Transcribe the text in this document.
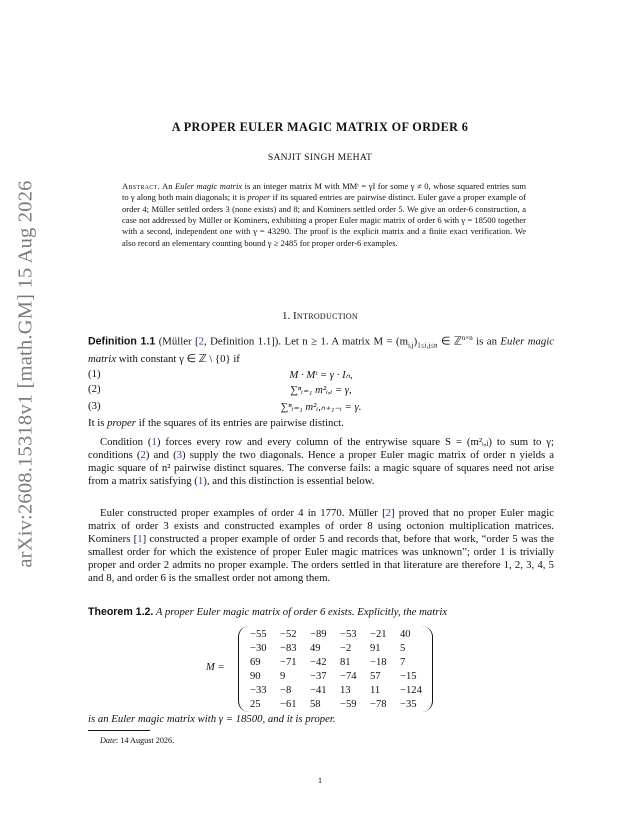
arXiv:2608.15318v1 [math.GM] 15 Aug 2026
A PROPER EULER MAGIC MATRIX OF ORDER 6
SANJIT SINGH MEHAT
Abstract. An Euler magic matrix is an integer matrix M with MMᵗ = γI for some γ ≠ 0, whose squared entries sum to γ along both main diagonals; it is proper if its squared entries are pairwise distinct. Euler gave a proper example of order 4; Müller settled orders 3 (none exists) and 8; and Kominers settled order 5. We give an order-6 construction, a case not addressed by Müller or Kominers, exhibiting a proper Euler magic matrix of order 6 with γ = 18500 together with a second, independent one with γ = 43290. The proof is the explicit matrix and a finite exact verification. We also record an elementary counting bound γ ≥ 2485 for proper order-6 examples.
1. Introduction
Definition 1.1 (Müller [2, Definition 1.1]). Let n ≥ 1. A matrix $M = (m_{i,j})_{1\le i,j\le n}$ ∈ ℤ$^{n\times n}$ is an Euler magic matrix with constant γ ∈ ℤ \ {0} if
(1)	M · Mᵗ = γ · Iₙ,
(2)	∑ⁿᵢ₌₁ m²ᵢ,ᵢ = γ,
(3)	∑ⁿᵢ₌₁ m²ᵢ,ₙ₊₁₋ᵢ = γ.
It is proper if the squares of its entries are pairwise distinct.
Condition (1) forces every row and every column of the entrywise square S = (m²ᵢ,ⱼ) to sum to γ; conditions (2) and (3) supply the two diagonals. Hence a proper Euler magic matrix of order n yields a magic square of n² pairwise distinct squares. The converse fails: a magic square of squares need not arise from a matrix satisfying (1), and this distinction is essential below.
Euler constructed proper examples of order 4 in 1770. Müller [2] proved that no proper Euler magic matrix of order 3 exists and constructed examples of order 8 using octonion multiplication matrices. Kominers [1] constructed a proper example of order 5 and records that, before that work, “order 5 was the smallest order for which the existence of proper Euler magic matrices was unknown”; order 1 is trivially proper and order 2 admits no proper example. The orders settled in that literature are therefore 1, 2, 3, 4, 5 and 8, and order 6 is the smallest order not among them.
Theorem 1.2. A proper Euler magic matrix of order 6 exists. Explicitly, the matrix
M =
−55	−52	−89	−53	−21	40
−30	−83	49	−2	91	5
69	−71	−42	81	−18	7
90	9	−37	−74	57	−15
−33	−8	−41	13	11	−124
25	−61	58	−59	−78	−35
is an Euler magic matrix with γ = 18500, and it is proper.
Date: 14 August 2026.
1
